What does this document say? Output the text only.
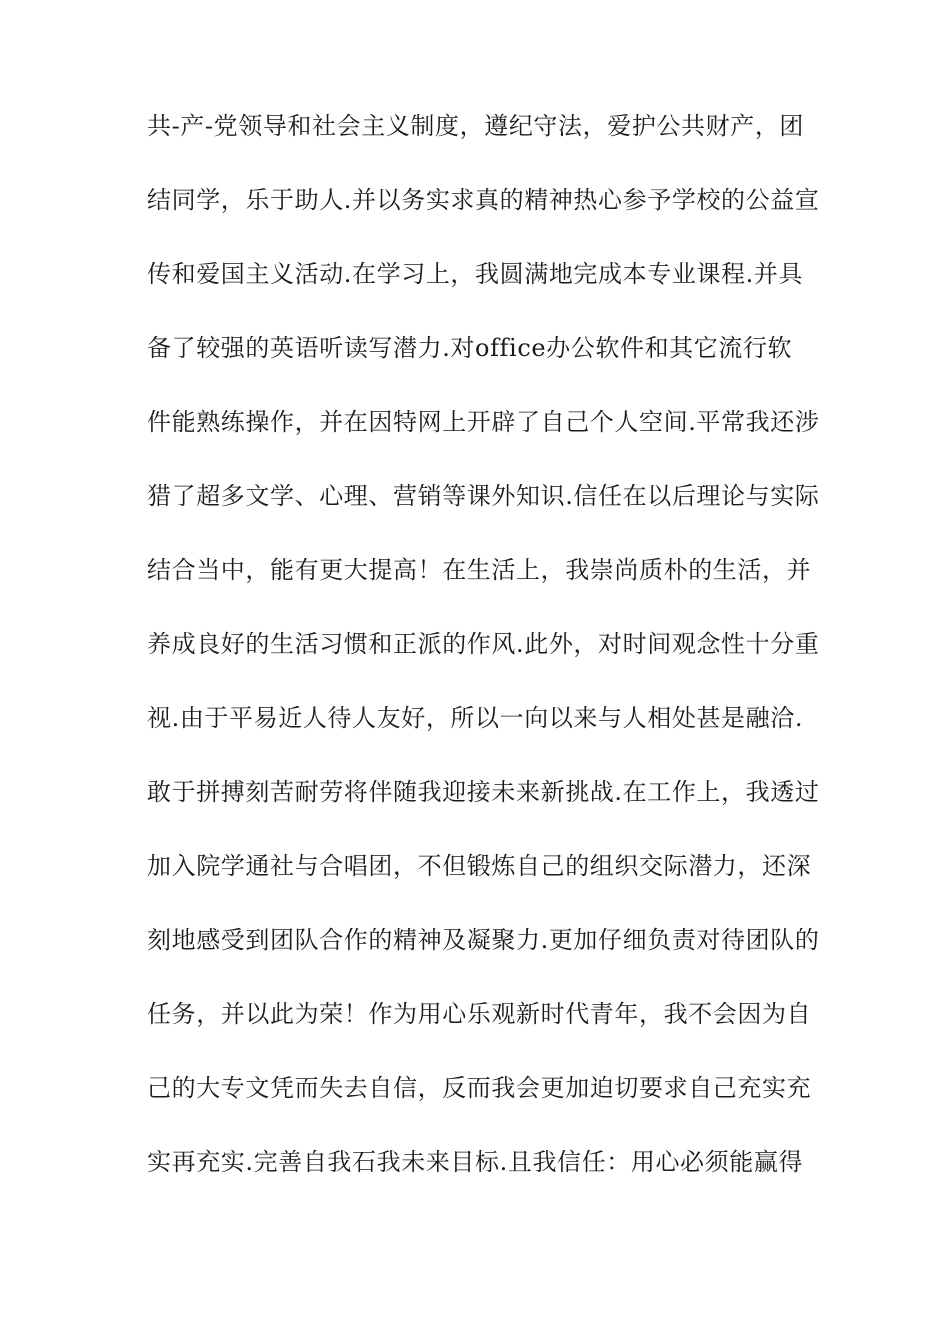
共-产-党领导和社会主义制度，遵纪守法，爱护公共财产，团
结同学，乐于助人.并以务实求真的精神热心参予学校的公益宣
传和爱国主义活动.在学习上，我圆满地完成本专业课程.并具
备了较强的英语听读写潜力.对office办公软件和其它流行软
件能熟练操作，并在因特网上开辟了自己个人空间.平常我还涉
猎了超多文学、心理、营销等课外知识.信任在以后理论与实际
结合当中，能有更大提高！在生活上，我崇尚质朴的生活，并
养成良好的生活习惯和正派的作风.此外，对时间观念性十分重
视.由于平易近人待人友好，所以一向以来与人相处甚是融洽.
敢于拼搏刻苦耐劳将伴随我迎接未来新挑战.在工作上，我透过
加入院学通社与合唱团，不但锻炼自己的组织交际潜力，还深
刻地感受到团队合作的精神及凝聚力.更加仔细负责对待团队的
任务，并以此为荣！作为用心乐观新时代青年，我不会因为自
己的大专文凭而失去自信，反而我会更加迫切要求自己充实充
实再充实.完善自我石我未来目标.且我信任：用心必须能赢得
